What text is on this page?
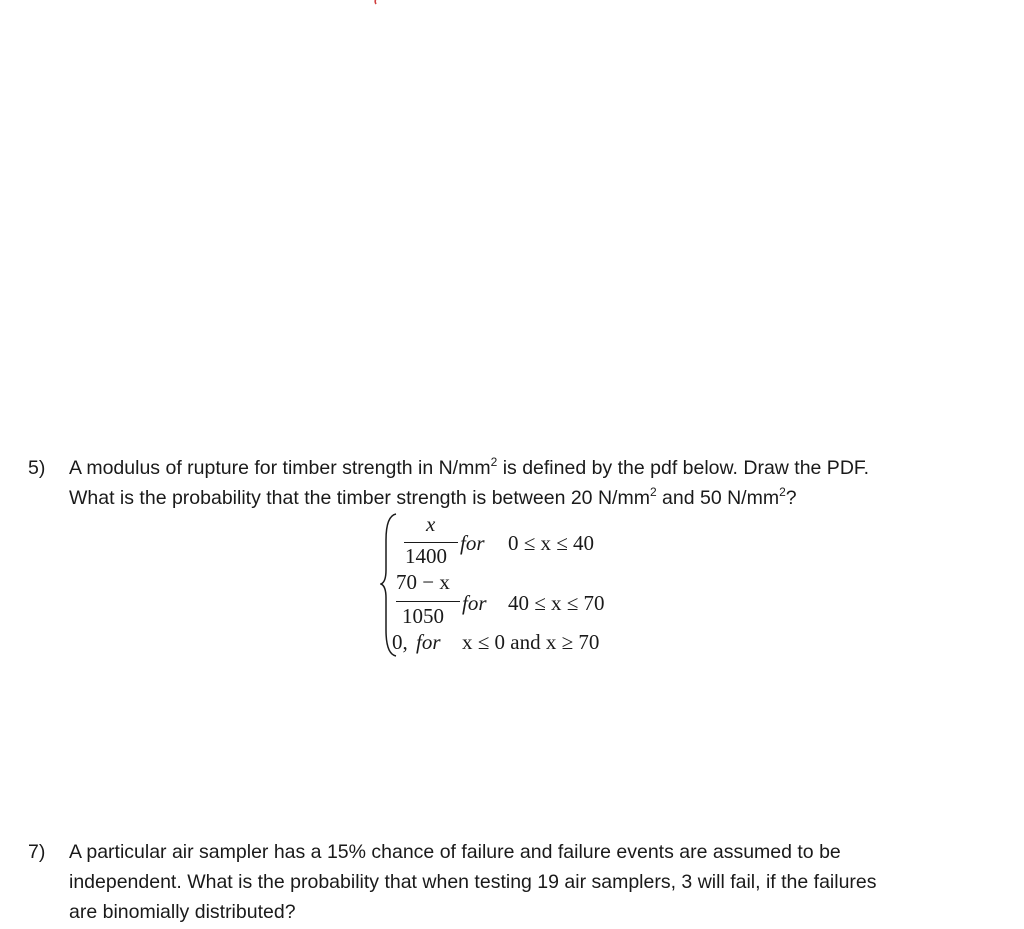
5) A modulus of rupture for timber strength in $N/mm^2$ is defined by the pdf below. Draw the PDF.
What is the probability that the timber strength is between 20 $N/mm^2$ and 50 $N/mm^2$?
x
1400
for 0 ≤ x ≤ 40
70 − x
1050
for 40 ≤ x ≤ 70
0, for x ≤ 0 and x ≥ 70
7) A particular air sampler has a 15% chance of failure and failure events are assumed to be
independent. What is the probability that when testing 19 air samplers, 3 will fail, if the failures
are binomially distributed?
